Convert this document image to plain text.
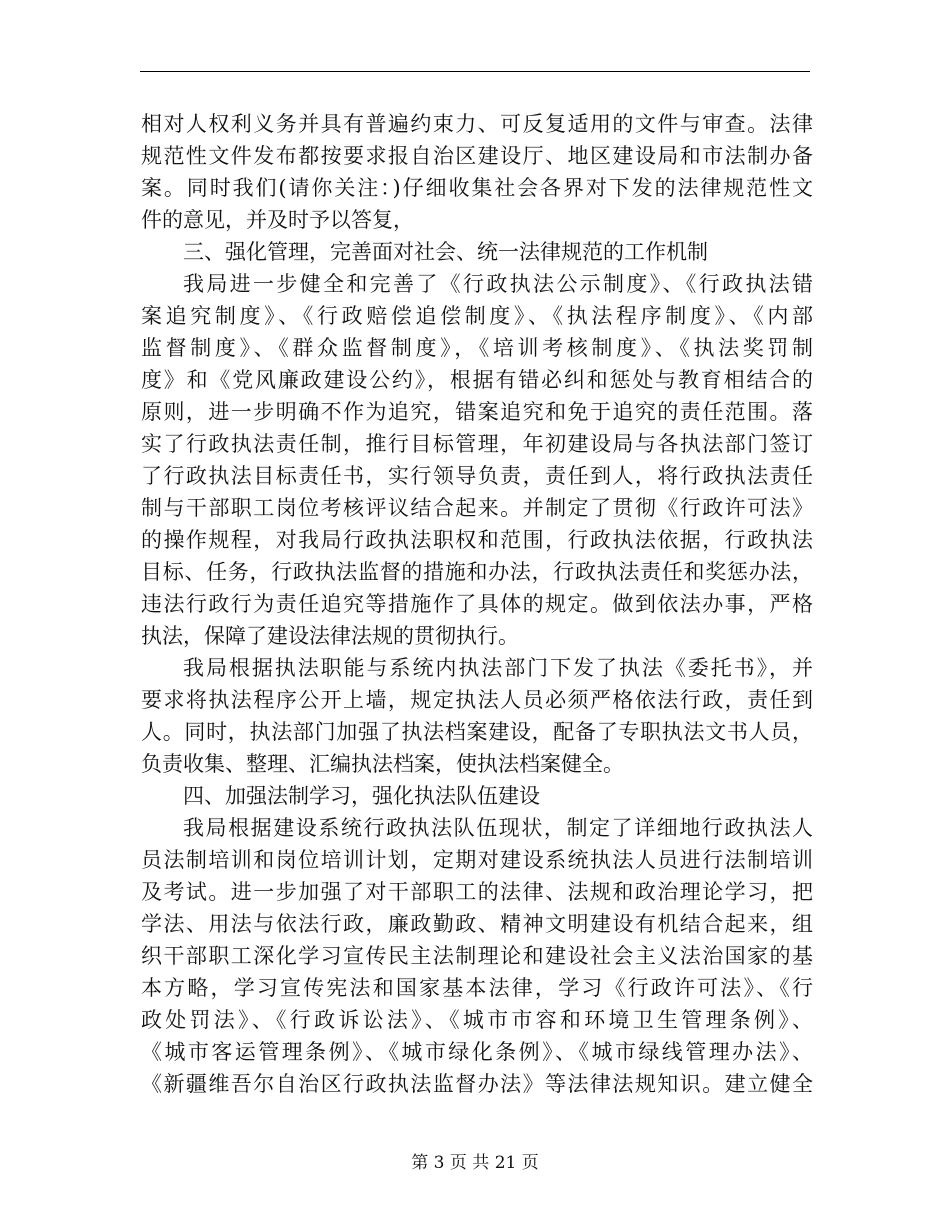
相对人权利义务并具有普遍约束力、可反复适用的文件与审查。法律
规范性文件发布都按要求报自治区建设厅、地区建设局和市法制办备
案。同时我们(请你关注：)仔细收集社会各界对下发的法律规范性文
件的意见，并及时予以答复，
三、强化管理，完善面对社会、统一法律规范的工作机制
我局进一步健全和完善了《行政执法公示制度》、《行政执法错
案追究制度》、《行政赔偿追偿制度》、《执法程序制度》、《内部
监督制度》、《群众监督制度》，《培训考核制度》、《执法奖罚制
度》和《党风廉政建设公约》，根据有错必纠和惩处与教育相结合的
原则，进一步明确不作为追究，错案追究和免于追究的责任范围。落
实了行政执法责任制，推行目标管理，年初建设局与各执法部门签订
了行政执法目标责任书，实行领导负责，责任到人，将行政执法责任
制与干部职工岗位考核评议结合起来。并制定了贯彻《行政许可法》
的操作规程，对我局行政执法职权和范围，行政执法依据，行政执法
目标、任务，行政执法监督的措施和办法，行政执法责任和奖惩办法，
违法行政行为责任追究等措施作了具体的规定。做到依法办事，严格
执法，保障了建设法律法规的贯彻执行。
我局根据执法职能与系统内执法部门下发了执法《委托书》，并
要求将执法程序公开上墙，规定执法人员必须严格依法行政，责任到
人。同时，执法部门加强了执法档案建设，配备了专职执法文书人员，
负责收集、整理、汇编执法档案，使执法档案健全。
四、加强法制学习，强化执法队伍建设
我局根据建设系统行政执法队伍现状，制定了详细地行政执法人
员法制培训和岗位培训计划，定期对建设系统执法人员进行法制培训
及考试。进一步加强了对干部职工的法律、法规和政治理论学习，把
学法、用法与依法行政，廉政勤政、精神文明建设有机结合起来，组
织干部职工深化学习宣传民主法制理论和建设社会主义法治国家的基
本方略，学习宣传宪法和国家基本法律，学习《行政许可法》、《行
政处罚法》、《行政诉讼法》、《城市市容和环境卫生管理条例》、
《城市客运管理条例》、《城市绿化条例》、《城市绿线管理办法》、
《新疆维吾尔自治区行政执法监督办法》等法律法规知识。建立健全
第 3 页 共 21 页
